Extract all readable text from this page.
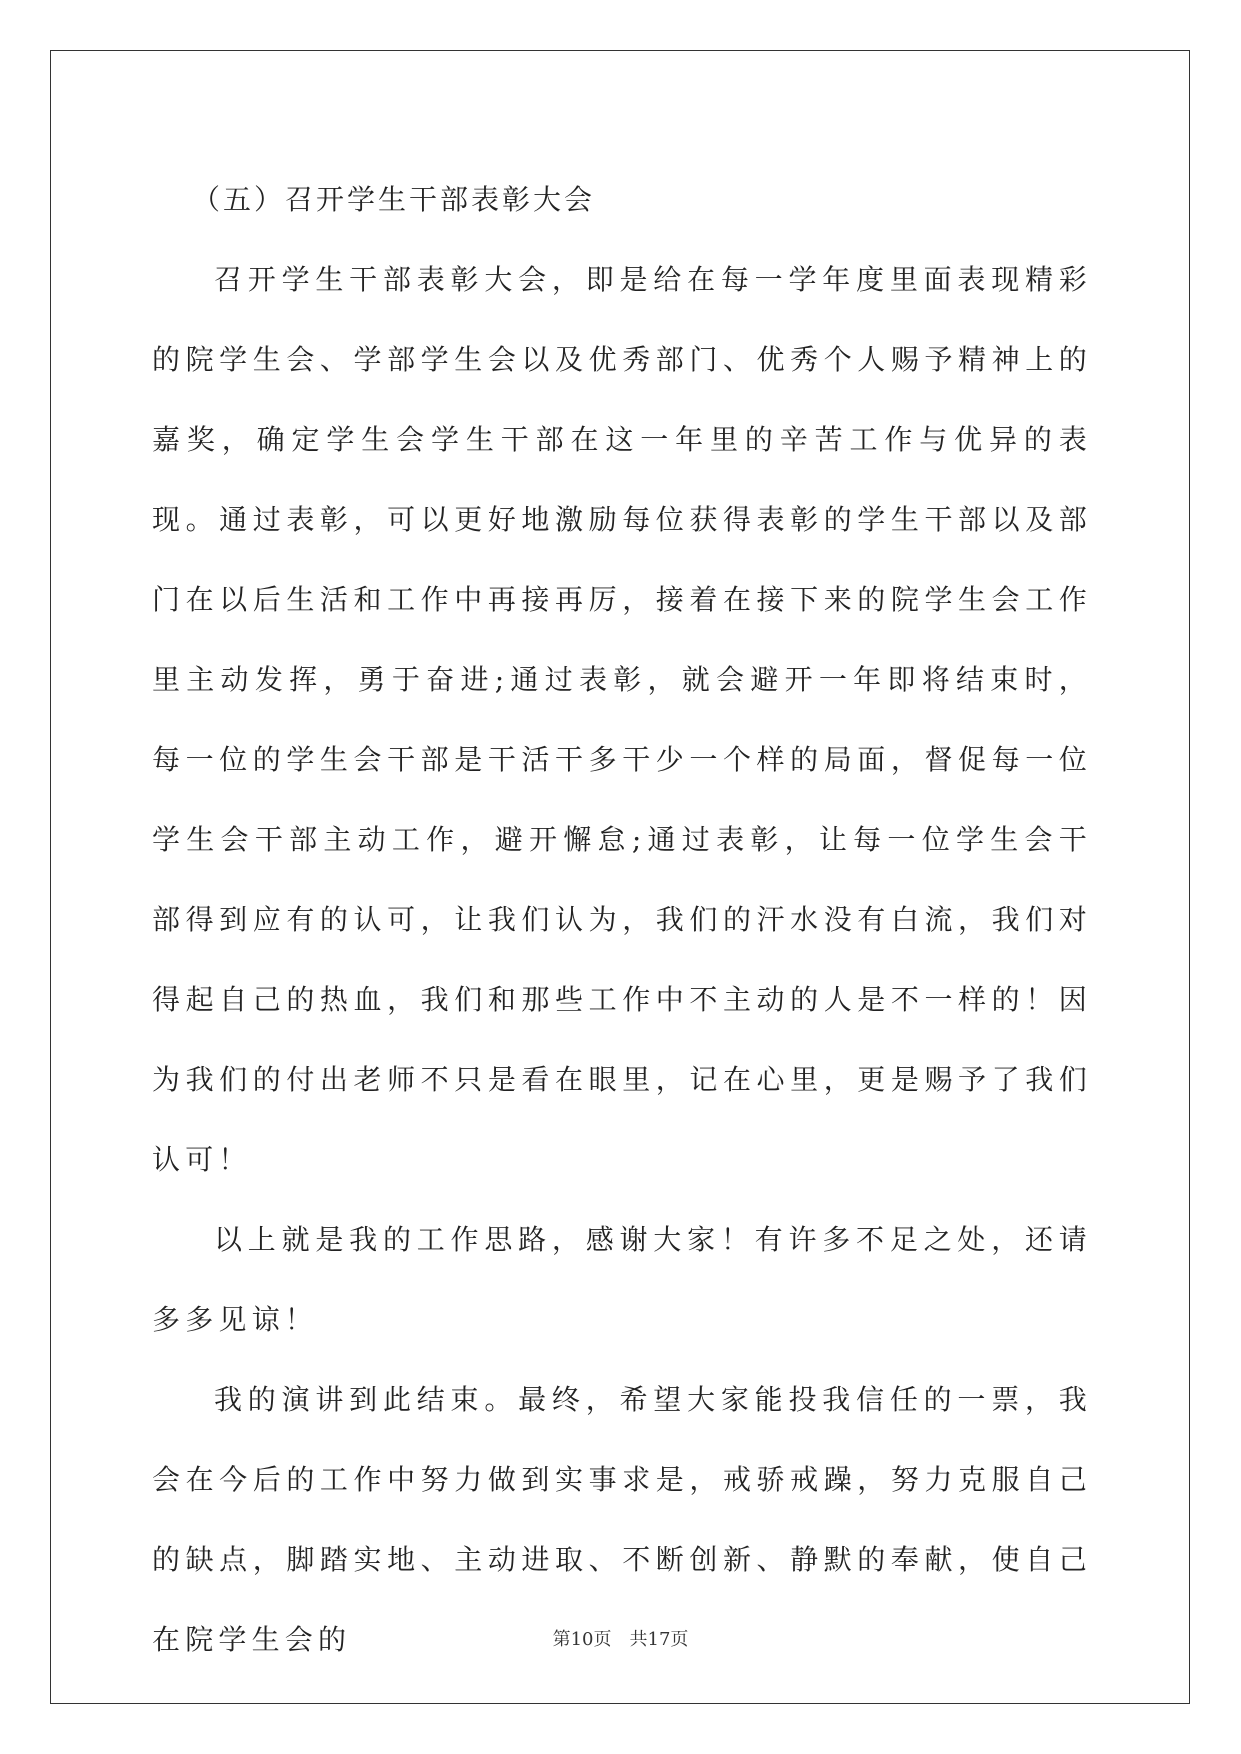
（五）召开学生干部表彰大会

召开学生干部表彰大会，即是给在每一学年度里面表现精彩的院学生会、学部学生会以及优秀部门、优秀个人赐予精神上的嘉奖，确定学生会学生干部在这一年里的辛苦工作与优异的表现。通过表彰，可以更好地激励每位获得表彰的学生干部以及部门在以后生活和工作中再接再厉，接着在接下来的院学生会工作里主动发挥，勇于奋进;通过表彰，就会避开一年即将结束时，每一位的学生会干部是干活干多干少一个样的局面，督促每一位学生会干部主动工作，避开懈怠;通过表彰，让每一位学生会干部得到应有的认可，让我们认为，我们的汗水没有白流，我们对得起自己的热血，我们和那些工作中不主动的人是不一样的！因为我们的付出老师不只是看在眼里，记在心里，更是赐予了我们认可！

以上就是我的工作思路，感谢大家！有许多不足之处，还请多多见谅！

我的演讲到此结束。最终，希望大家能投我信任的一票，我会在今后的工作中努力做到实事求是，戒骄戒躁，努力克服自己的缺点，脚踏实地、主动进取、不断创新、静默的奉献，使自己在院学生会的	第10页 共17页
